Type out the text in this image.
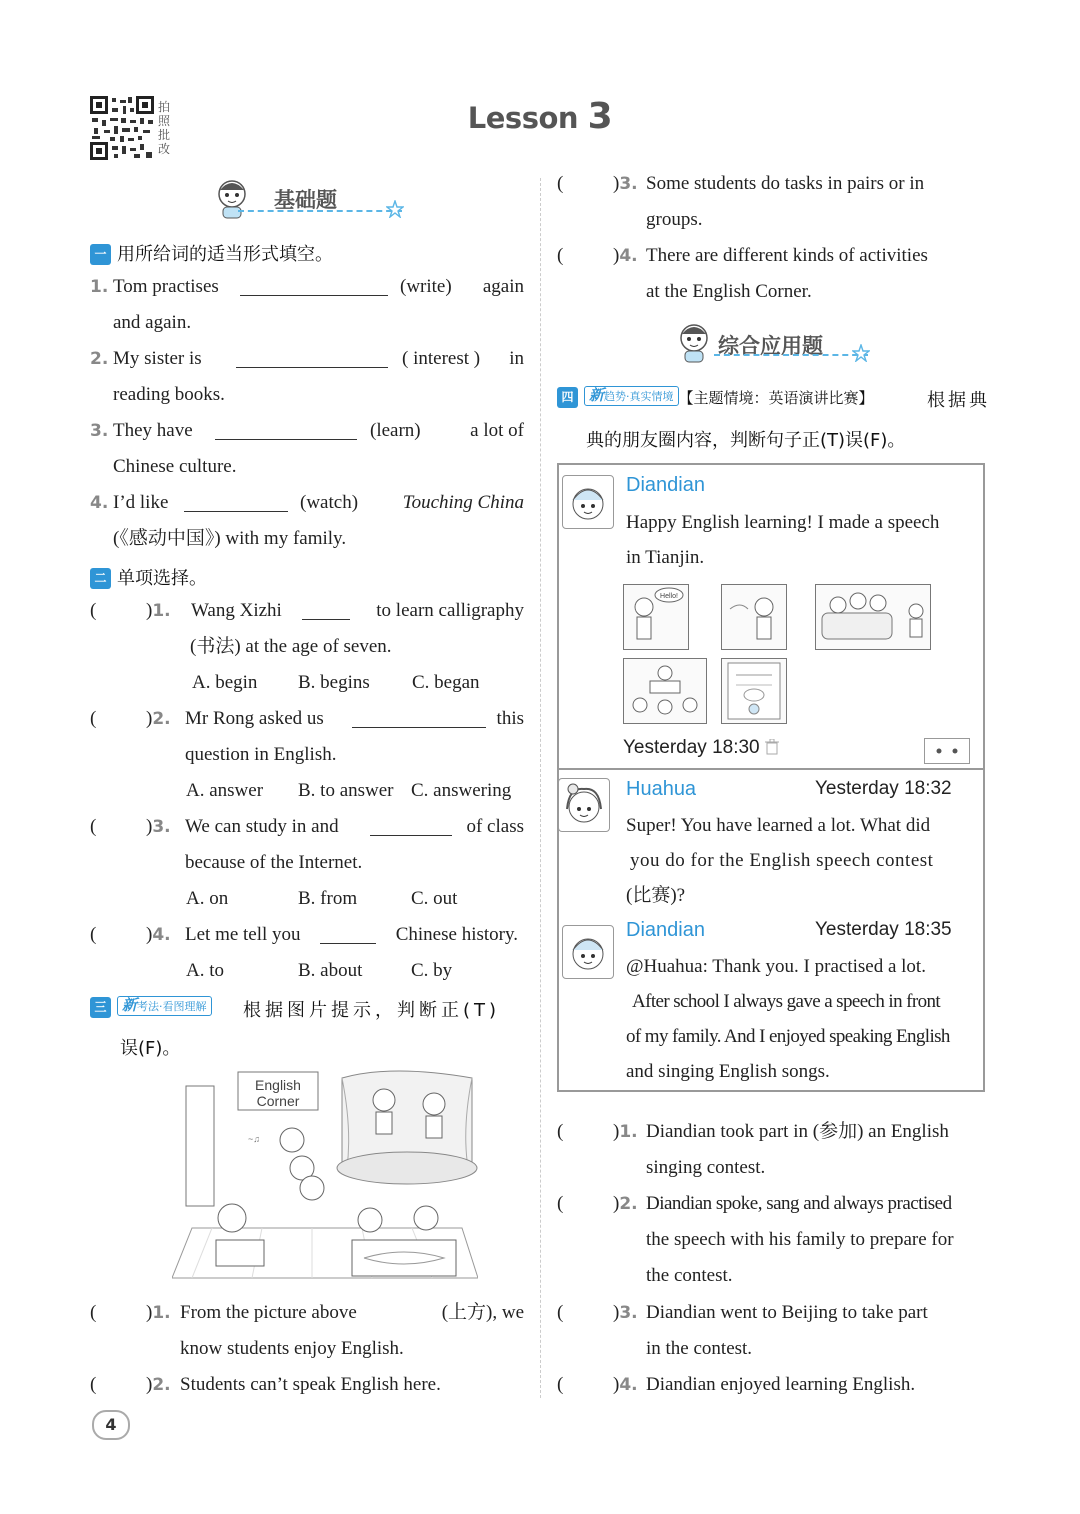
拍照批改
Lesson 3
基础题
一 用所给词的适当形式填空。
1. Tom practises	(write) again
and again.
2. My sister is	( interest ) in
reading books.
3. They have	(learn)	a lot of
Chinese culture.
4. I’d like	(watch) Touching China
(《感动中国》) with my family.
二 单项选择。
(	)1. Wang Xizhi	to learn calligraphy
(书法) at the age of seven.
A. begin B. begins C. began
(	)2. Mr Rong asked us	this
question in English.
A. answer B. to answer C. answering
(	)3. We can study in and	of class
because of the Internet.
A. on	B. from	C. out
(	)4. Let me tell you	Chinese history.
A. to	B. about	C. by
三 新考法·看图理解 根据图片提示，判断正(T)
误(F)。
English
Corner
~♫
(	)1. From the picture above	(上方), we
know students enjoy English.
(	)2. Students can’t speak English here.
(	)3. Some students do tasks in pairs or in
groups.
(	)4. There are different kinds of activities
at the English Corner.
综合应用题
四 新趋势·真实情境 【主题情境：英语演讲比赛】	根据典
典的朋友圈内容，判断句子正(T)误(F)。
Diandian
Happy English learning! I made a speech
in Tianjin.
Hello!
Yesterday 18:30
Huahua	Yesterday 18:32
Super! You have learned a lot. What did
you do for the English speech contest
(比赛)?
Diandian	Yesterday 18:35
@Huahua: Thank you. I practised a lot.
After school I always gave a speech in front
of my family. And I enjoyed speaking English
and singing English songs.
(	)1. Diandian took part in (参加) an English
singing contest.
(	)2. Diandian spoke, sang and always practised
the speech with his family to prepare for
the contest.
(	)3. Diandian went to Beijing to take part
in the contest.
(	)4. Diandian enjoyed learning English.
4
